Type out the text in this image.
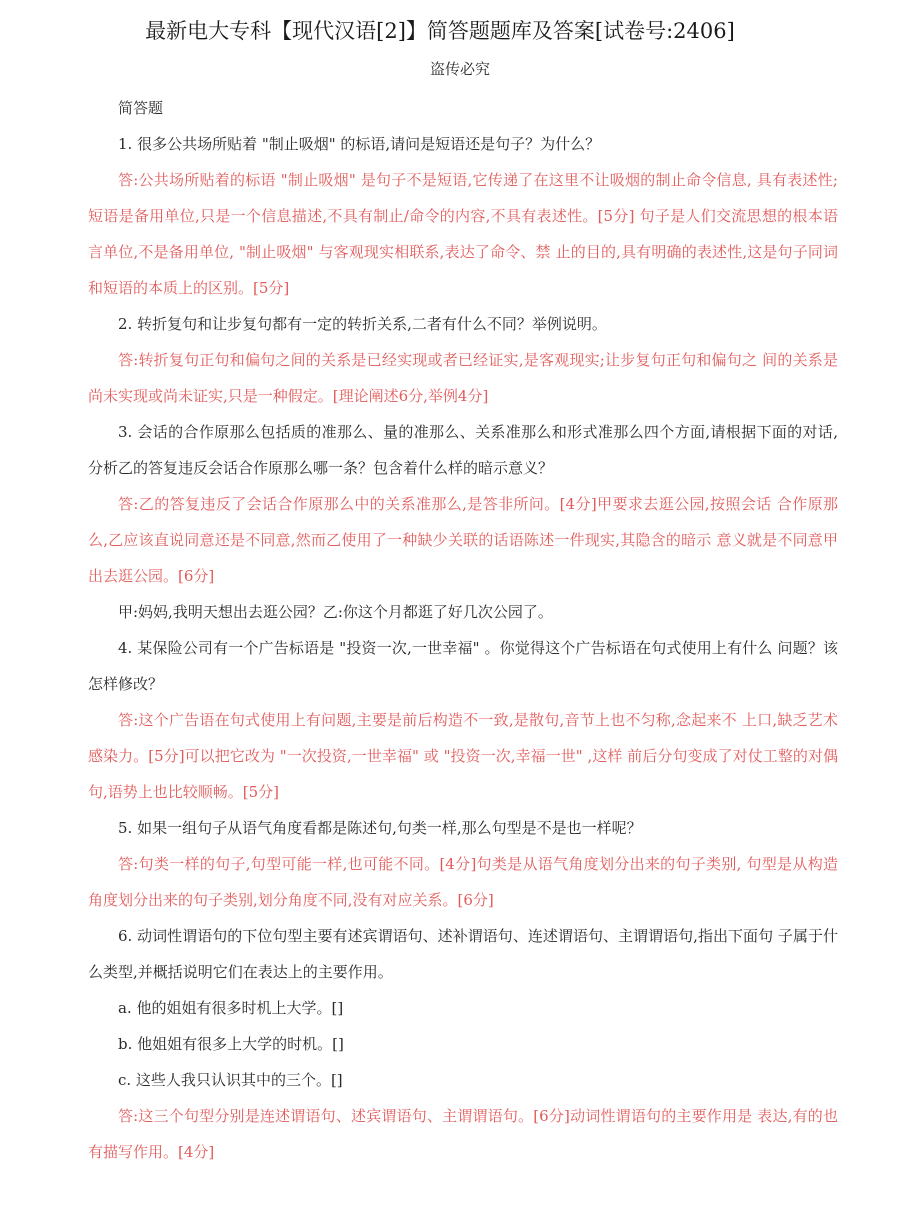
最新电大专科【现代汉语[2]】简答题题库及答案[试卷号:2406]
盗传必究

简答题

1. 很多公共场所贴着 "制止吸烟" 的标语,请问是短语还是句子？为什么？

答:公共场所贴着的标语 "制止吸烟" 是句子不是短语,它传递了在这里不让吸烟的制止命令信息, 具有表述性;短语是备用单位,只是一个信息描述,不具有制止/命令的内容,不具有表述性。[5分] 句子是人们交流思想的根本语言单位,不是备用单位, "制止吸烟" 与客观现实相联系,表达了命令、禁 止的目的,具有明确的表述性,这是句子同词和短语的本质上的区别。[5分]

2. 转折复句和让步复句都有一定的转折关系,二者有什么不同？举例说明。

答:转折复句正句和偏句之间的关系是已经实现或者已经证实,是客观现实;让步复句正句和偏句之 间的关系是尚未实现或尚未证实,只是一种假定。[理论阐述6分,举例4分]

3. 会话的合作原那么包括质的准那么、量的准那么、关系准那么和形式准那么四个方面,请根据下面的对话, 分析乙的答复违反会话合作原那么哪一条？包含着什么样的暗示意义？

答:乙的答复违反了会话合作原那么中的关系准那么,是答非所问。[4分]甲要求去逛公园,按照会话 合作原那么,乙应该直说同意还是不同意,然而乙使用了一种缺少关联的话语陈述一件现实,其隐含的暗示 意义就是不同意甲出去逛公园。[6分]

甲:妈妈,我明天想出去逛公园？乙:你这个月都逛了好几次公园了。

4. 某保险公司有一个广告标语是 "投资一次,一世幸福" 。你觉得这个广告标语在句式使用上有什么 问题？该怎样修改？

答:这个广告语在句式使用上有问题,主要是前后构造不一致,是散句,音节上也不匀称,念起来不 上口,缺乏艺术感染力。[5分]可以把它改为 "一次投资,一世幸福" 或 "投资一次,幸福一世" ,这样 前后分句变成了对仗工整的对偶句,语势上也比较顺畅。[5分]

5. 如果一组句子从语气角度看都是陈述句,句类一样,那么句型是不是也一样呢？

答:句类一样的句子,句型可能一样,也可能不同。[4分]句类是从语气角度划分出来的句子类别, 句型是从构造角度划分出来的句子类别,划分角度不同,没有对应关系。[6分]

6. 动词性谓语句的下位句型主要有述宾谓语句、述补谓语句、连述谓语句、主谓谓语句,指出下面句 子属于什么类型,并概括说明它们在表达上的主要作用。

a. 他的姐姐有很多时机上大学。[]

b. 他姐姐有很多上大学的时机。[]

c. 这些人我只认识其中的三个。[]

答:这三个句型分别是连述谓语句、述宾谓语句、主谓谓语句。[6分]动词性谓语句的主要作用是 表达,有的也有描写作用。[4分]
